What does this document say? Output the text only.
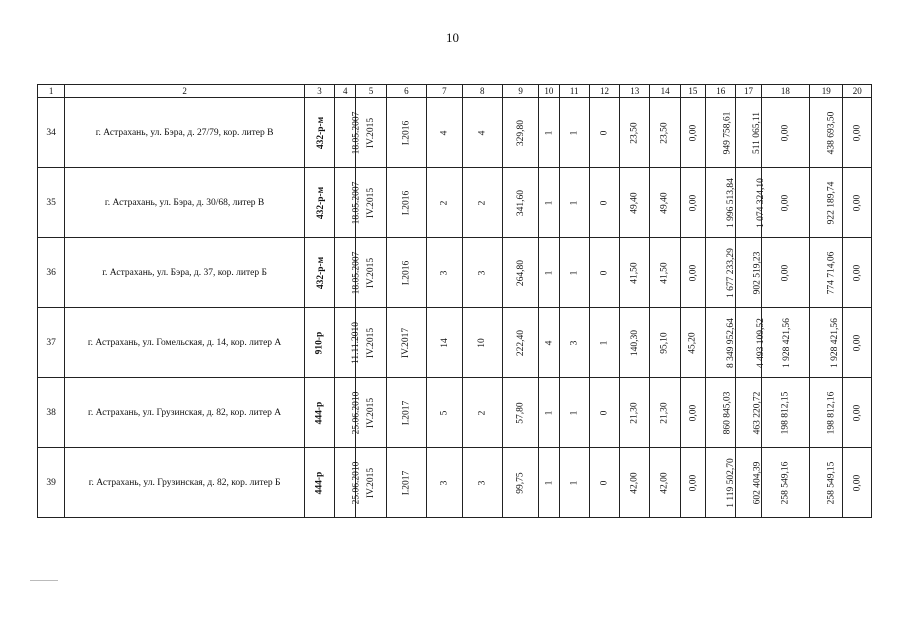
10
1	2	3	4	5	6	7	8	9	10	11	12	13	14	15	16	17	18	19	20
34	г. Астрахань, ул. Бэра, д. 27/79, кор. литер В	432-р-м	18.05.2007	IV.2015	I.2016	4	4	329,80	1	1	0	23,50	23,50	0,00	949 758,61	511 065,11	0,00	438 693,50	0,00
35	г. Астрахань, ул. Бэра, д. 30/68, литер В	432-р-м	18.05.2007	IV.2015	I.2016	2	2	341,60	1	1	0	49,40	49,40	0,00	1 996 513,84	1 074 324,10	0,00	922 189,74	0,00
36	г. Астрахань, ул. Бэра, д. 37, кор. литер Б	432-р-м	18.05.2007	IV.2015	I.2016	3	3	264,80	1	1	0	41,50	41,50	0,00	1 677 233,29	902 519,23	0,00	774 714,06	0,00
37	г. Астрахань, ул. Гомельская, д. 14, кор. литер А	910-р	11.11.2010	IV.2015	IV.2017	14	10	222,40	4	3	1	140,30	95,10	45,20	8 349 952,64	4 493 109,52	1 928 421,56	1 928 421,56	0,00
38	г. Астрахань, ул. Грузинская, д. 82, кор. литер А	444-р	25.06.2010	IV.2015	I.2017	5	2	57,80	1	1	0	21,30	21,30	0,00	860 845,03	463 220,72	198 812,15	198 812,16	0,00
39	г. Астрахань, ул. Грузинская, д. 82, кор. литер Б	444-р	25.06.2010	IV.2015	I.2017	3	3	99,75	1	1	0	42,00	42,00	0,00	1 119 502,70	602 404,39	258 549,16	258 549,15	0,00
